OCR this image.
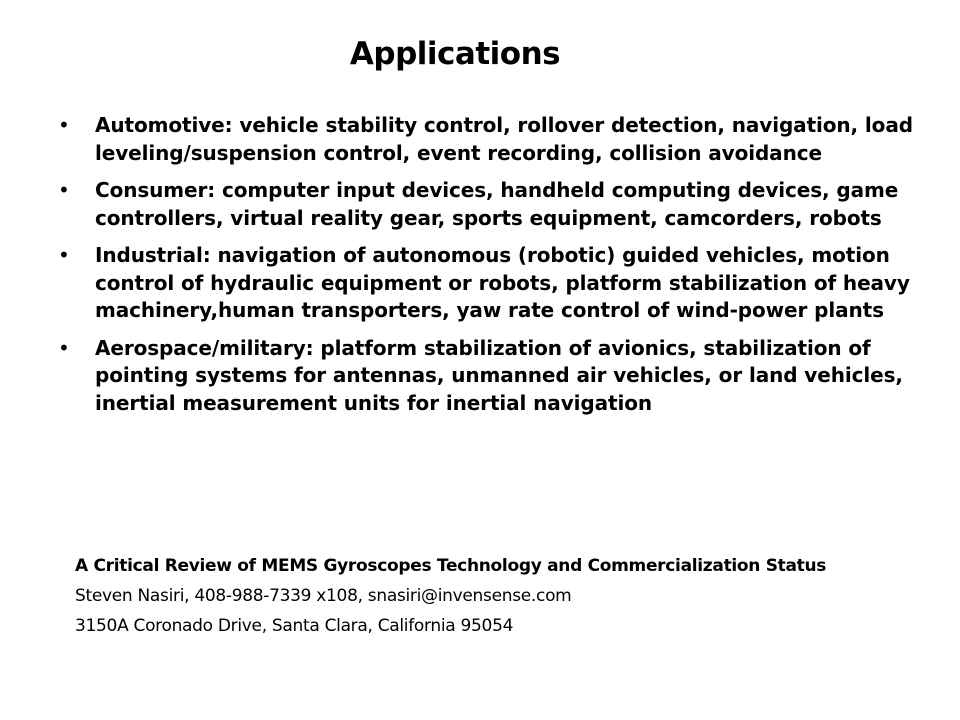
Applications
• Automotive: vehicle stability control, rollover detection, navigation, load leveling/suspension control, event recording, collision avoidance
• Consumer: computer input devices, handheld computing devices, game controllers, virtual reality gear, sports equipment, camcorders, robots
• Industrial: navigation of autonomous (robotic) guided vehicles, motion control of hydraulic equipment or robots, platform stabilization of heavy machinery,human transporters, yaw rate control of wind-power plants
• Aerospace/military: platform stabilization of avionics, stabilization of pointing systems for antennas, unmanned air vehicles, or land vehicles, inertial measurement units for inertial navigation
A Critical Review of MEMS Gyroscopes Technology and Commercialization Status
Steven Nasiri, 408-988-7339 x108, snasiri@invensense.com
3150A Coronado Drive, Santa Clara, California 95054
